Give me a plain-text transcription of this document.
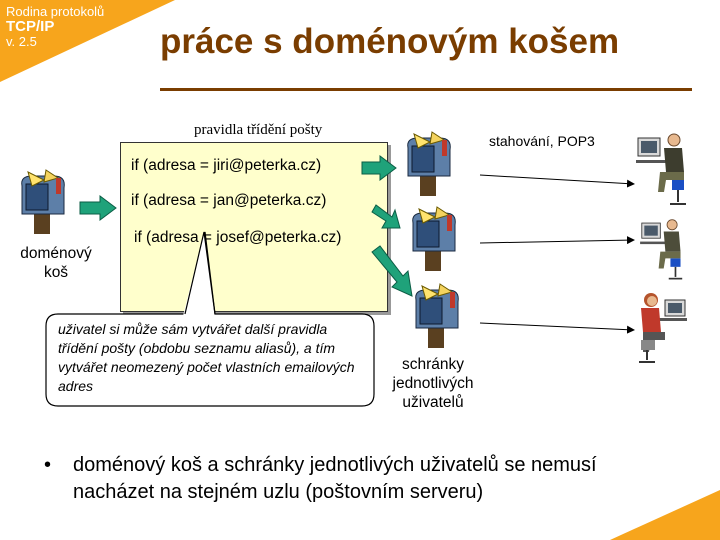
Rodina protokolů
TCP/IP
v. 2.5	práce s doménovým košem
pravidla třídění pošty
if (adresa = jiri@peterka.cz)
if (adresa = jan@peterka.cz)
if (adresa = josef@peterka.cz)
uživatel si může sám vytvářet další pravidla třídění pošty (obdobu seznamu aliasů), a tím vytvářet neomezený počet vlastních emailových adres
doménový koš
schránky jednotlivých uživatelů
stahování, POP3
• doménový koš a schránky jednotlivých uživatelů se nemusí nacházet na stejném uzlu (poštovním serveru)
